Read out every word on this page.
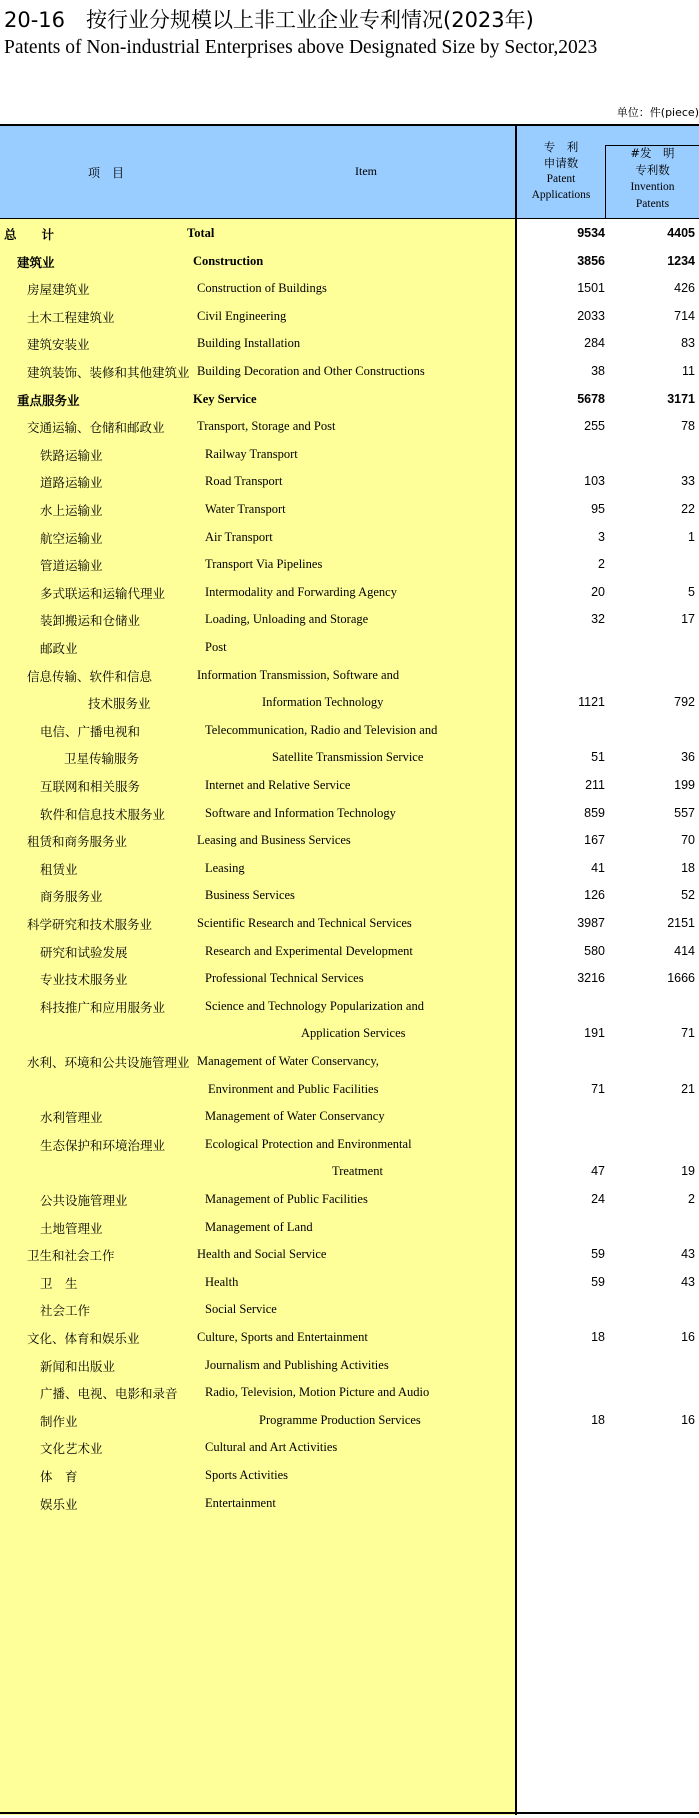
20-16　按行业分规模以上非工业企业专利情况(2023年)
Patents of Non-industrial Enterprises above Designated Size by Sector,2023
单位：件(piece)
项　目	Item
专　利
申请数
Patent
Applications
#发　明
专利数
Invention
Patents
总　　计	Total	9534	4405
建筑业	Construction	3856	1234
房屋建筑业	Construction of Buildings	1501	426
土木工程建筑业	Civil Engineering	2033	714
建筑安装业	Building Installation	284	83
建筑装饰、装修和其他建筑业 Building Decoration and Other Constructions	38	11
重点服务业	Key Service	5678	3171
交通运输、仓储和邮政业	Transport, Storage and Post	255	78
铁路运输业	Railway Transport
道路运输业	Road Transport	103	33
水上运输业	Water Transport	95	22
航空运输业	Air Transport	3	1
管道运输业	Transport Via Pipelines	2
多式联运和运输代理业	Intermodality and Forwarding Agency	20	5
装卸搬运和仓储业	Loading, Unloading and Storage	32	17
邮政业	Post
信息传输、软件和信息	Information Transmission, Software and
技术服务业	Information Technology	1121	792
电信、广播电视和	Telecommunication, Radio and Television and
卫星传输服务	Satellite Transmission Service	51	36
互联网和相关服务	Internet and Relative Service	211	199
软件和信息技术服务业	Software and Information Technology	859	557
租赁和商务服务业	Leasing and Business Services	167	70
租赁业	Leasing	41	18
商务服务业	Business Services	126	52
科学研究和技术服务业	Scientific Research and Technical Services	3987	2151
研究和试验发展	Research and Experimental Development	580	414
专业技术服务业	Professional Technical Services	3216	1666
科技推广和应用服务业	Science and Technology Popularization and
Application Services	191	71
水利、环境和公共设施管理业 Management of Water Conservancy,
Environment and Public Facilities	71	21
水利管理业	Management of Water Conservancy
生态保护和环境治理业	Ecological Protection and Environmental
Treatment	47	19
公共设施管理业	Management of Public Facilities	24	2
土地管理业	Management of Land
卫生和社会工作	Health and Social Service	59	43
卫　生	Health	59	43
社会工作	Social Service
文化、体育和娱乐业	Culture, Sports and Entertainment	18	16
新闻和出版业	Journalism and Publishing Activities
广播、电视、电影和录音 Radio, Television, Motion Picture and Audio
制作业	Programme Production Services	18	16
文化艺术业	Cultural and Art Activities
体　育	Sports Activities
娱乐业	Entertainment
